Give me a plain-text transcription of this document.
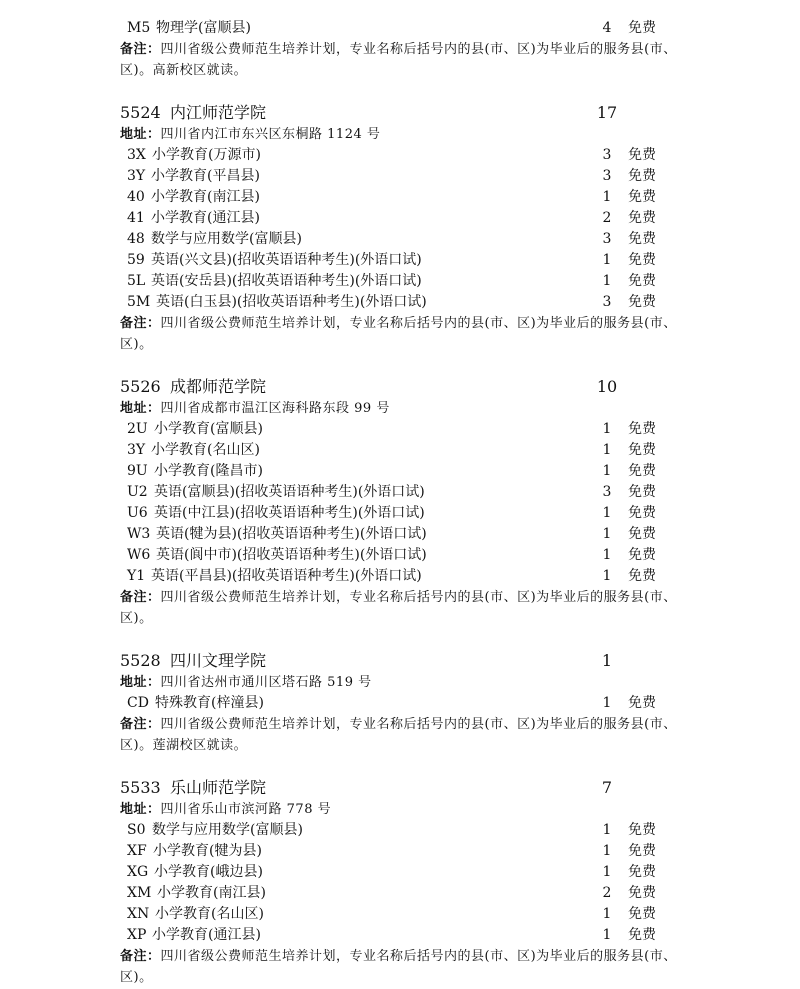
M5 物理学(富顺县)	4	免费
备注：四川省级公费师范生培养计划，专业名称后括号内的县(市、区)为毕业后的服务县(市、
区)。高新校区就读。
5524 内江师范学院	17
地址：四川省内江市东兴区东桐路 1124 号
3X 小学教育(万源市)	3	免费
3Y 小学教育(平昌县)	3	免费
40 小学教育(南江县)	1	免费
41 小学教育(通江县)	2	免费
48 数学与应用数学(富顺县)	3	免费
59 英语(兴文县)(招收英语语种考生)(外语口试)	1	免费
5L 英语(安岳县)(招收英语语种考生)(外语口试)	1	免费
5M 英语(白玉县)(招收英语语种考生)(外语口试)	3	免费
备注：四川省级公费师范生培养计划，专业名称后括号内的县(市、区)为毕业后的服务县(市、
区)。
5526 成都师范学院	10
地址：四川省成都市温江区海科路东段 99 号
2U 小学教育(富顺县)	1	免费
3Y 小学教育(名山区)	1	免费
9U 小学教育(隆昌市)	1	免费
U2 英语(富顺县)(招收英语语种考生)(外语口试)	3	免费
U6 英语(中江县)(招收英语语种考生)(外语口试)	1	免费
W3 英语(犍为县)(招收英语语种考生)(外语口试)	1	免费
W6 英语(阆中市)(招收英语语种考生)(外语口试)	1	免费
Y1 英语(平昌县)(招收英语语种考生)(外语口试)	1	免费
备注：四川省级公费师范生培养计划，专业名称后括号内的县(市、区)为毕业后的服务县(市、
区)。
5528 四川文理学院	1
地址：四川省达州市通川区塔石路 519 号
CD 特殊教育(梓潼县)	1	免费
备注：四川省级公费师范生培养计划，专业名称后括号内的县(市、区)为毕业后的服务县(市、
区)。莲湖校区就读。
5533 乐山师范学院	7
地址：四川省乐山市滨河路 778 号
S0 数学与应用数学(富顺县)	1	免费
XF 小学教育(犍为县)	1	免费
XG 小学教育(峨边县)	1	免费
XM 小学教育(南江县)	2	免费
XN 小学教育(名山区)	1	免费
XP 小学教育(通江县)	1	免费
备注：四川省级公费师范生培养计划，专业名称后括号内的县(市、区)为毕业后的服务县(市、
区)。
